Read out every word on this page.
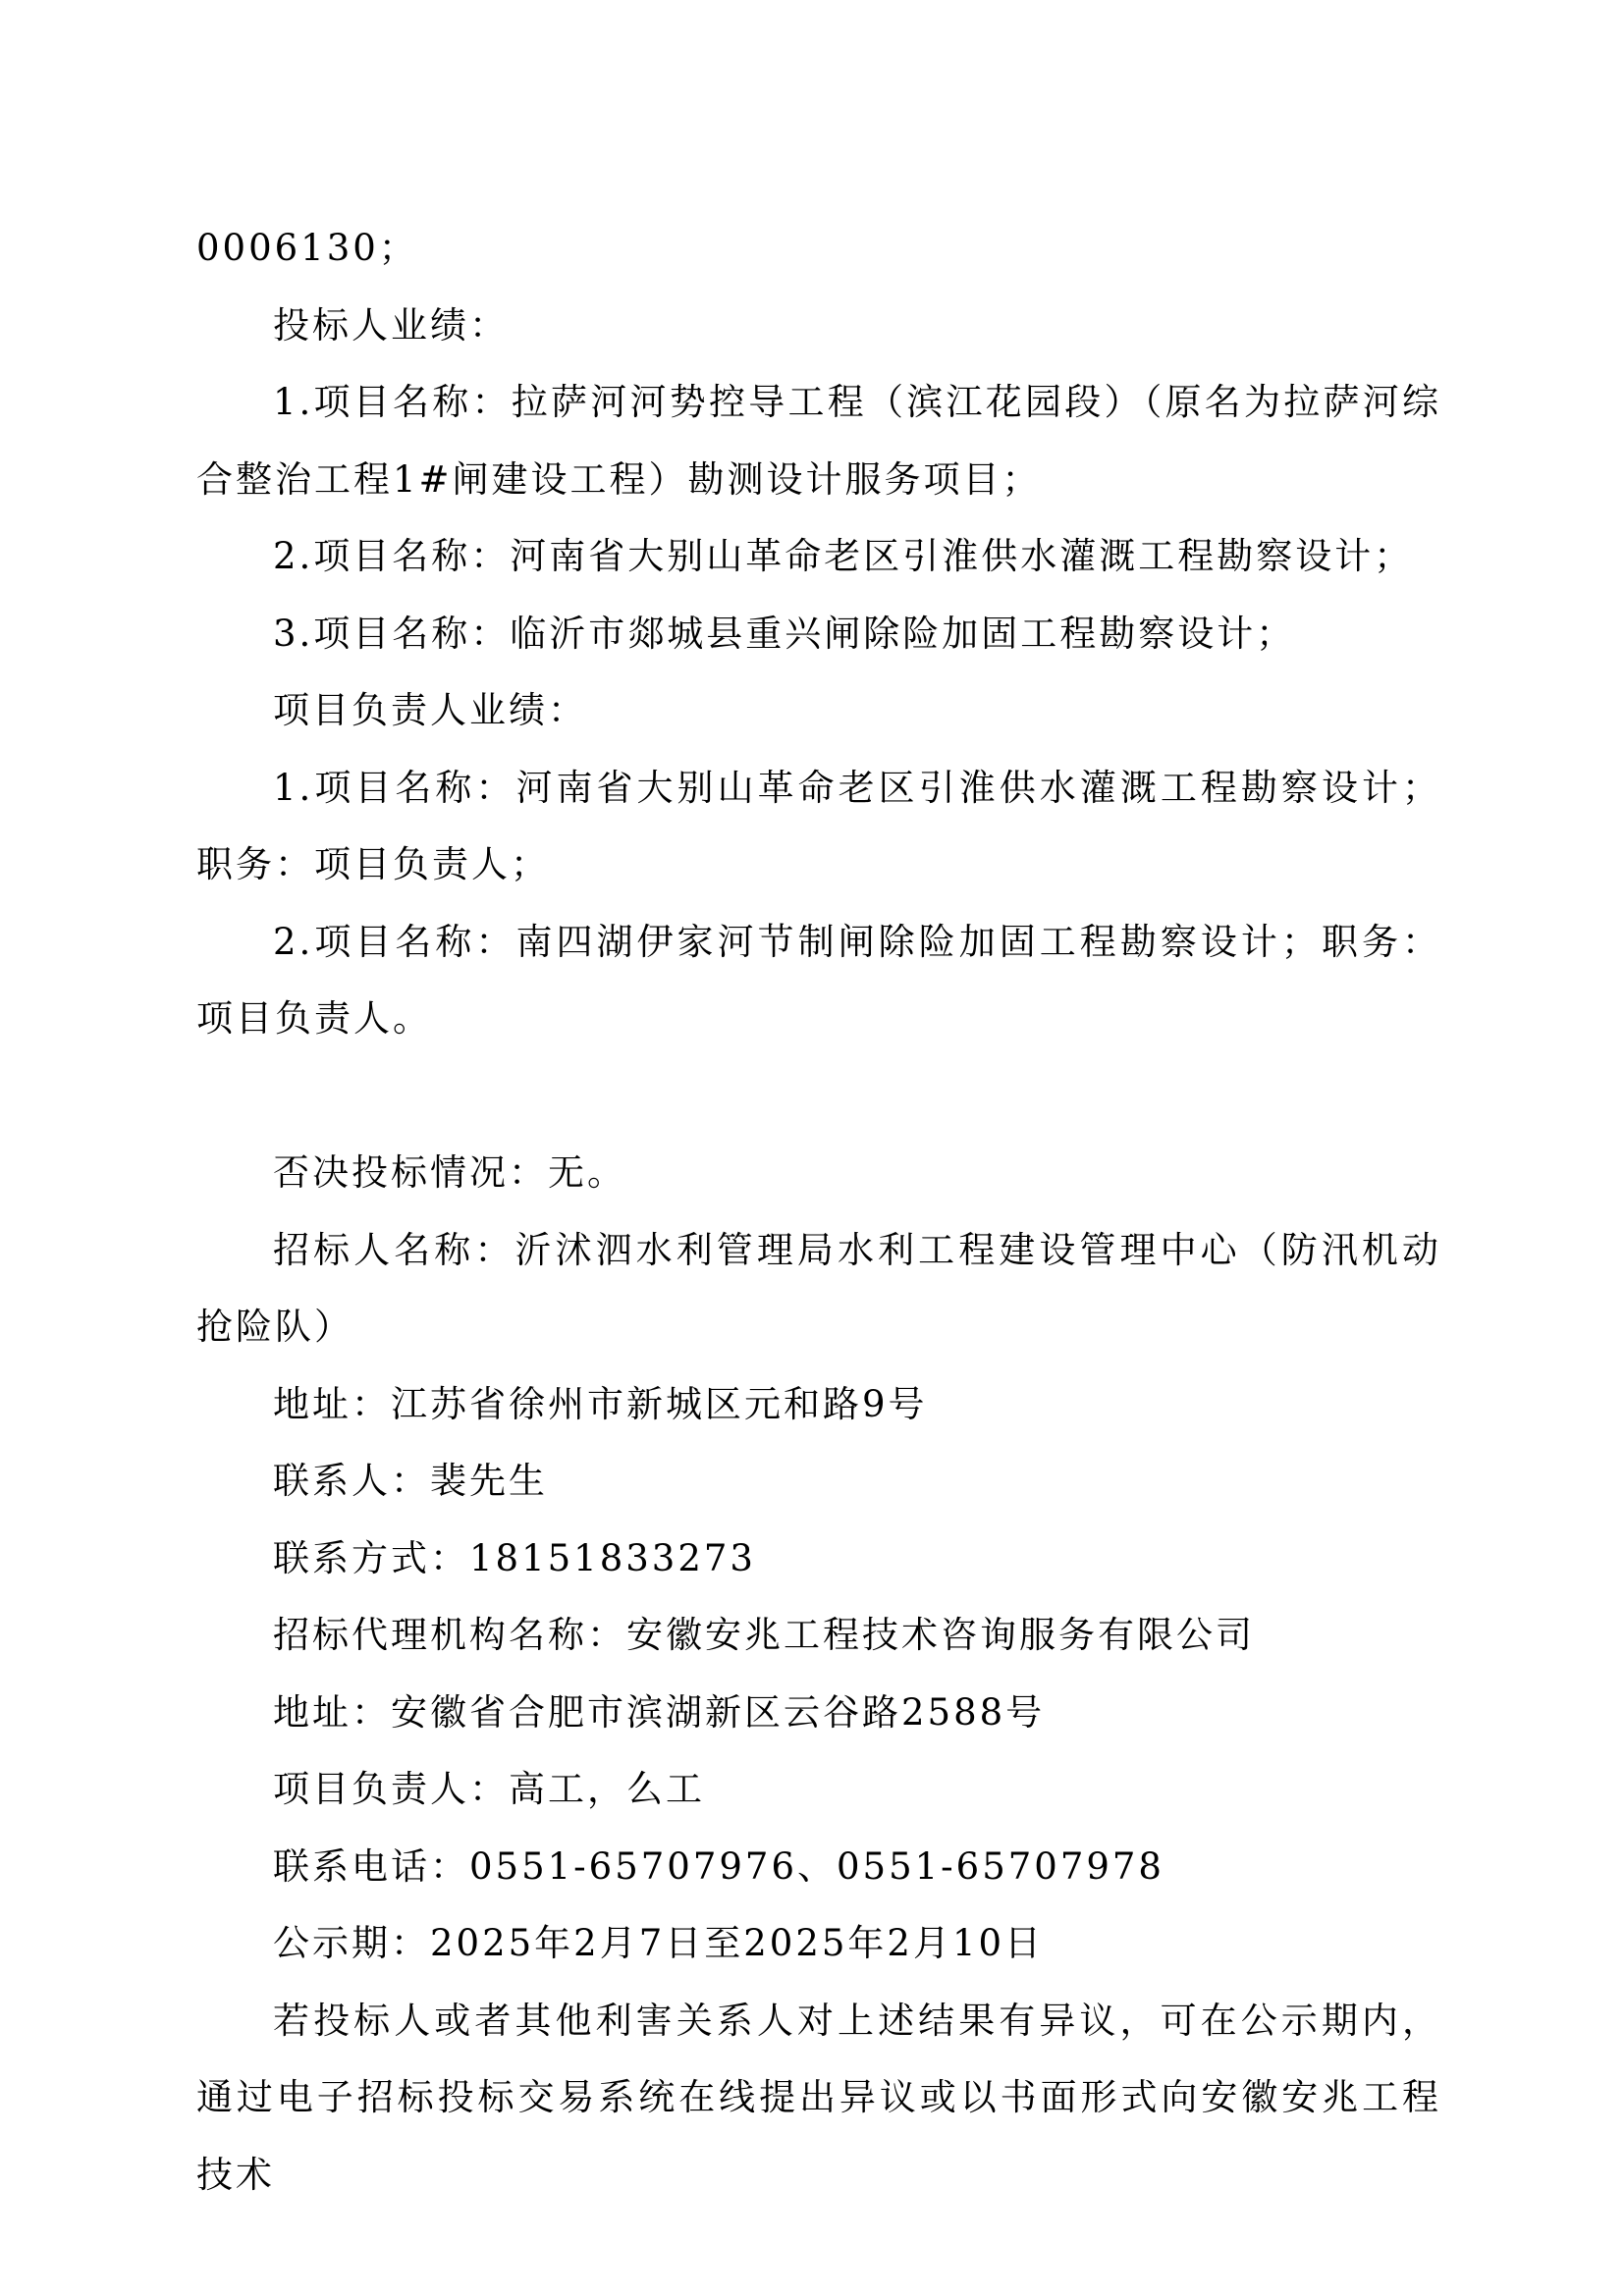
0006130；

投标人业绩：

1.项目名称：拉萨河河势控导工程（滨江花园段）（原名为拉萨河综合整治工程1#闸建设工程）勘测设计服务项目；

2.项目名称：河南省大别山革命老区引淮供水灌溉工程勘察设计；

3.项目名称：临沂市郯城县重兴闸除险加固工程勘察设计；

项目负责人业绩：

1.项目名称：河南省大别山革命老区引淮供水灌溉工程勘察设计；职务：项目负责人；

2.项目名称：南四湖伊家河节制闸除险加固工程勘察设计；职务：项目负责人。

否决投标情况：无。

招标人名称：沂沭泗水利管理局水利工程建设管理中心（防汛机动抢险队）

地址：江苏省徐州市新城区元和路9号

联系人：裴先生

联系方式：18151833273

招标代理机构名称：安徽安兆工程技术咨询服务有限公司

地址：安徽省合肥市滨湖新区云谷路2588号

项目负责人：高工，么工

联系电话：0551-65707976、0551-65707978

公示期：2025年2月7日至2025年2月10日

若投标人或者其他利害关系人对上述结果有异议，可在公示期内，通过电子招标投标交易系统在线提出异议或以书面形式向安徽安兆工程技术
